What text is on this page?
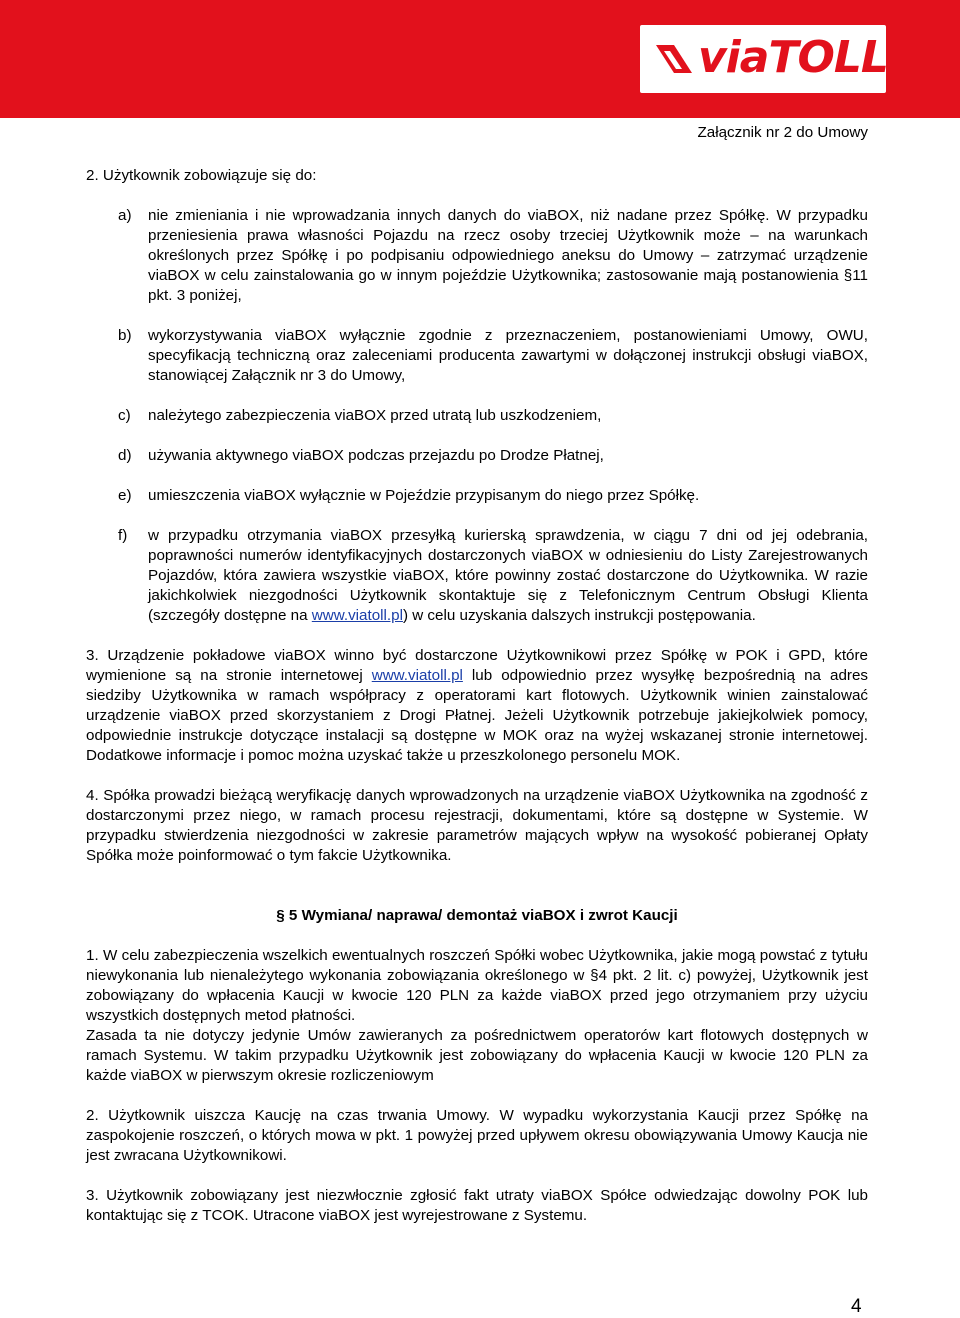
viaTOLL
Załącznik nr 2 do Umowy

2. Użytkownik zobowiązuje się do:

a) nie zmieniania i nie wprowadzania innych danych do viaBOX, niż nadane przez Spółkę. W przypadku przeniesienia prawa własności Pojazdu na rzecz osoby trzeciej Użytkownik może – na warunkach określonych przez Spółkę i po podpisaniu odpowiedniego aneksu do Umowy – zatrzymać urządzenie viaBOX w celu zainstalowania go w innym pojeździe Użytkownika; zastosowanie mają postanowienia §11 pkt. 3 poniżej,

b) wykorzystywania viaBOX wyłącznie zgodnie z przeznaczeniem, postanowieniami Umowy, OWU, specyfikacją techniczną oraz zaleceniami producenta zawartymi w dołączonej instrukcji obsługi viaBOX, stanowiącej Załącznik nr 3 do Umowy,

c) należytego zabezpieczenia viaBOX przed utratą lub uszkodzeniem,

d) używania aktywnego viaBOX podczas przejazdu po Drodze Płatnej,

e) umieszczenia viaBOX wyłącznie w Pojeździe przypisanym do niego przez Spółkę.

f) w przypadku otrzymania viaBOX przesyłką kurierską sprawdzenia, w ciągu 7 dni od jej odebrania, poprawności numerów identyfikacyjnych dostarczonych viaBOX w odniesieniu do Listy Zarejestrowanych Pojazdów, która zawiera wszystkie viaBOX, które powinny zostać dostarczone do Użytkownika. W razie jakichkolwiek niezgodności Użytkownik skontaktuje się z Telefonicznym Centrum Obsługi Klienta (szczegóły dostępne na www.viatoll.pl) w celu uzyskania dalszych instrukcji postępowania.

3. Urządzenie pokładowe viaBOX winno być dostarczone Użytkownikowi przez Spółkę w POK i GPD, które wymienione są na stronie internetowej www.viatoll.pl lub odpowiednio przez wysyłkę bezpośrednią na adres siedziby Użytkownika w ramach współpracy z operatorami kart flotowych. Użytkownik winien zainstalować urządzenie viaBOX przed skorzystaniem z Drogi Płatnej. Jeżeli Użytkownik potrzebuje jakiejkolwiek pomocy, odpowiednie instrukcje dotyczące instalacji są dostępne w MOK oraz na wyżej wskazanej stronie internetowej. Dodatkowe informacje i pomoc można uzyskać także u przeszkolonego personelu MOK.

4. Spółka prowadzi bieżącą weryfikację danych wprowadzonych na urządzenie viaBOX Użytkownika na zgodność z dostarczonymi przez niego, w ramach procesu rejestracji, dokumentami, które są dostępne w Systemie. W przypadku stwierdzenia niezgodności w zakresie parametrów mających wpływ na wysokość pobieranej Opłaty Spółka może poinformować o tym fakcie Użytkownika.

§ 5 Wymiana/ naprawa/ demontaż viaBOX i zwrot Kaucji

1. W celu zabezpieczenia wszelkich ewentualnych roszczeń Spółki wobec Użytkownika, jakie mogą powstać z tytułu niewykonania lub nienależytego wykonania zobowiązania określonego w §4 pkt. 2 lit. c) powyżej, Użytkownik jest zobowiązany do wpłacenia Kaucji w kwocie 120 PLN za każde viaBOX przed jego otrzymaniem przy użyciu wszystkich dostępnych metod płatności.

Zasada ta nie dotyczy jedynie Umów zawieranych za pośrednictwem operatorów kart flotowych dostępnych w ramach Systemu. W takim przypadku Użytkownik jest zobowiązany do wpłacenia Kaucji w kwocie 120 PLN za każde viaBOX w pierwszym okresie rozliczeniowym

2. Użytkownik uiszcza Kaucję na czas trwania Umowy. W wypadku wykorzystania Kaucji przez Spółkę na zaspokojenie roszczeń, o których mowa w pkt. 1 powyżej przed upływem okresu obowiązywania Umowy Kaucja nie jest zwracana Użytkownikowi.

3. Użytkownik zobowiązany jest niezwłocznie zgłosić fakt utraty viaBOX Spółce odwiedzając dowolny POK lub kontaktując się z TCOK. Utracone viaBOX jest wyrejestrowane z Systemu.

4
